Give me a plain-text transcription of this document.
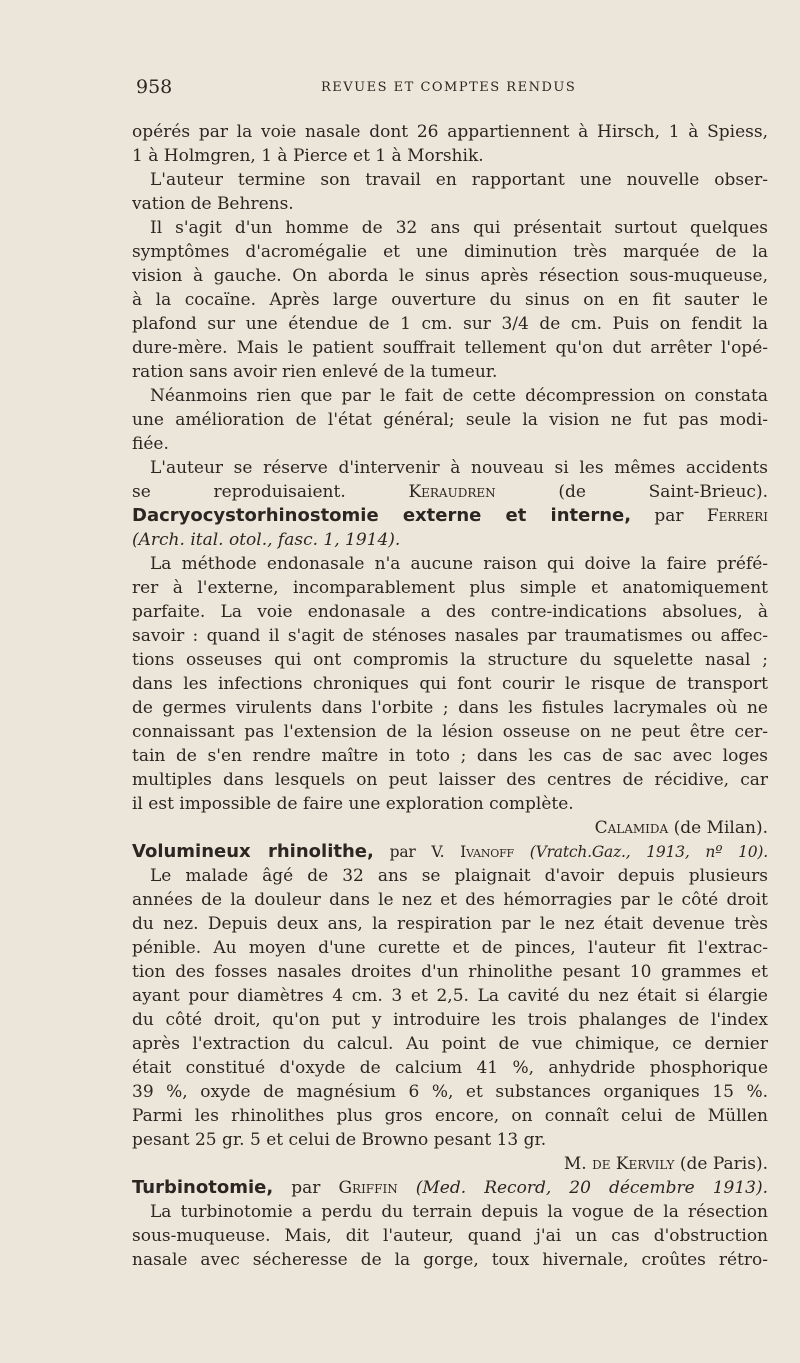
958	REVUES ET COMPTES RENDUS
opérés par la voie nasale dont 26 appartiennent à Hirsch, 1 à Spiess,
1 à Holmgren, 1 à Pierce et 1 à Morshik.
L'auteur termine son travail en rapportant une nouvelle obser-
vation de Behrens.
Il s'agit d'un homme de 32 ans qui présentait surtout quelques
symptômes d'acromégalie et une diminution très marquée de la
vision à gauche. On aborda le sinus après résection sous-muqueuse,
à la cocaïne. Après large ouverture du sinus on en fit sauter le
plafond sur une étendue de 1 cm. sur 3/4 de cm. Puis on fendit la
dure-mère. Mais le patient souffrait tellement qu'on dut arrêter l'opé-
ration sans avoir rien enlevé de la tumeur.
Néanmoins rien que par le fait de cette décompression on constata
une amélioration de l'état général; seule la vision ne fut pas modi-
fiée.
L'auteur se réserve d'intervenir à nouveau si les mêmes accidents
se reproduisaient.	Keraudren	(de Saint-Brieuc).
Dacryocystorhinostomie externe et interne, par Ferreri
(Arch. ital. otol., fasc. 1, 1914).
La méthode endonasale n'a aucune raison qui doive la faire préfé-
rer à l'externe, incomparablement plus simple et anatomiquement
parfaite. La voie endonasale a des contre-indications absolues, à
savoir : quand il s'agit de sténoses nasales par traumatismes ou affec-
tions osseuses qui ont compromis la structure du squelette nasal ;
dans les infections chroniques qui font courir le risque de transport
de germes virulents dans l'orbite ; dans les fistules lacrymales où ne
connaissant pas l'extension de la lésion osseuse on ne peut être cer-
tain de s'en rendre maître in toto ; dans les cas de sac avec loges
multiples dans lesquels on peut laisser des centres de récidive, car
il est impossible de faire une exploration complète.
Calamida (de Milan).
Volumineux rhinolithe, par V. Ivanoff (Vratch.Gaz., 1913, nº 10).
Le malade âgé de 32 ans se plaignait d'avoir depuis plusieurs
années de la douleur dans le nez et des hémorragies par le côté droit
du nez. Depuis deux ans, la respiration par le nez était devenue très
pénible. Au moyen d'une curette et de pinces, l'auteur fit l'extrac-
tion des fosses nasales droites d'un rhinolithe pesant 10 grammes et
ayant pour diamètres 4 cm. 3 et 2,5. La cavité du nez était si élargie
du côté droit, qu'on put y introduire les trois phalanges de l'index
après l'extraction du calcul. Au point de vue chimique, ce dernier
était constitué d'oxyde de calcium 41 %, anhydride phosphorique
39 %, oxyde de magnésium 6 %, et substances organiques 15 %.
Parmi les rhinolithes plus gros encore, on connaît celui de Müllen
pesant 25 gr. 5 et celui de Browno pesant 13 gr.
M. de Kervily (de Paris).
Turbinotomie, par Griffin (Med. Record, 20 décembre 1913).
La turbinotomie a perdu du terrain depuis la vogue de la résection
sous-muqueuse. Mais, dit l'auteur, quand j'ai un cas d'obstruction
nasale avec sécheresse de la gorge, toux hivernale, croûtes rétro-
